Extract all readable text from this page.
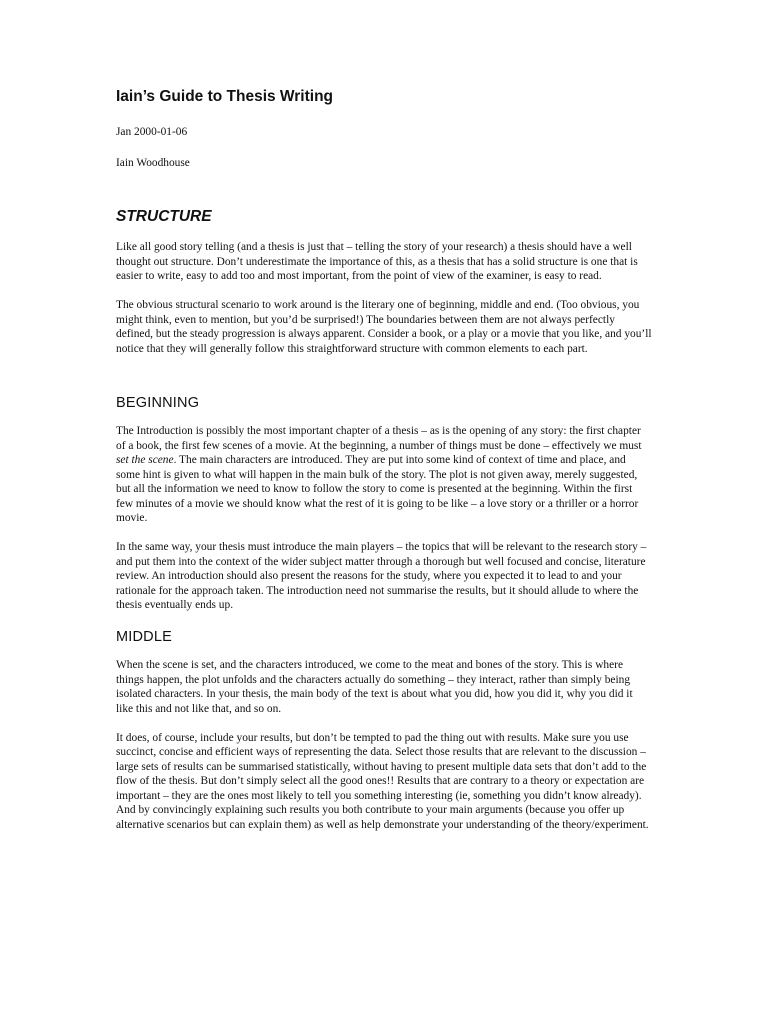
Iain’s Guide to Thesis Writing

Jan 2000-01-06

Iain Woodhouse

STRUCTURE

Like all good story telling (and a thesis is just that – telling the story of your research) a thesis should have a well thought out structure. Don’t underestimate the importance of this, as a thesis that has a solid structure is one that is easier to write, easy to add too and most important, from the point of view of the examiner, is easy to read.

The obvious structural scenario to work around is the literary one of beginning, middle and end. (Too obvious, you might think, even to mention, but you’d be surprised!) The boundaries between them are not always perfectly defined, but the steady progression is always apparent. Consider a book, or a play or a movie that you like, and you’ll notice that they will generally follow this straightforward structure with common elements to each part.

BEGINNING

The Introduction is possibly the most important chapter of a thesis – as is the opening of any story: the first chapter of a book, the first few scenes of a movie. At the beginning, a number of things must be done – effectively we must set the scene. The main characters are introduced. They are put into some kind of context of time and place, and some hint is given to what will happen in the main bulk of the story. The plot is not given away, merely suggested, but all the information we need to know to follow the story to come is presented at the beginning. Within the first few minutes of a movie we should know what the rest of it is going to be like – a love story or a thriller or a horror movie.

In the same way, your thesis must introduce the main players – the topics that will be relevant to the research story – and put them into the context of the wider subject matter through a thorough but well focused and concise, literature review. An introduction should also present the reasons for the study, where you expected it to lead to and your rationale for the approach taken. The introduction need not summarise the results, but it should allude to where the thesis eventually ends up.

MIDDLE

When the scene is set, and the characters introduced, we come to the meat and bones of the story. This is where things happen, the plot unfolds and the characters actually do something – they interact, rather than simply being isolated characters. In your thesis, the main body of the text is about what you did, how you did it, why you did it like this and not like that, and so on.

It does, of course, include your results, but don’t be tempted to pad the thing out with results. Make sure you use succinct, concise and efficient ways of representing the data. Select those results that are relevant to the discussion – large sets of results can be summarised statistically, without having to present multiple data sets that don’t add to the flow of the thesis. But don’t simply select all the good ones!! Results that are contrary to a theory or expectation are important – they are the ones most likely to tell you something interesting (ie, something you didn’t know already). And by convincingly explaining such results you both contribute to your main arguments (because you offer up alternative scenarios but can explain them) as well as help demonstrate your understanding of the theory/experiment.
